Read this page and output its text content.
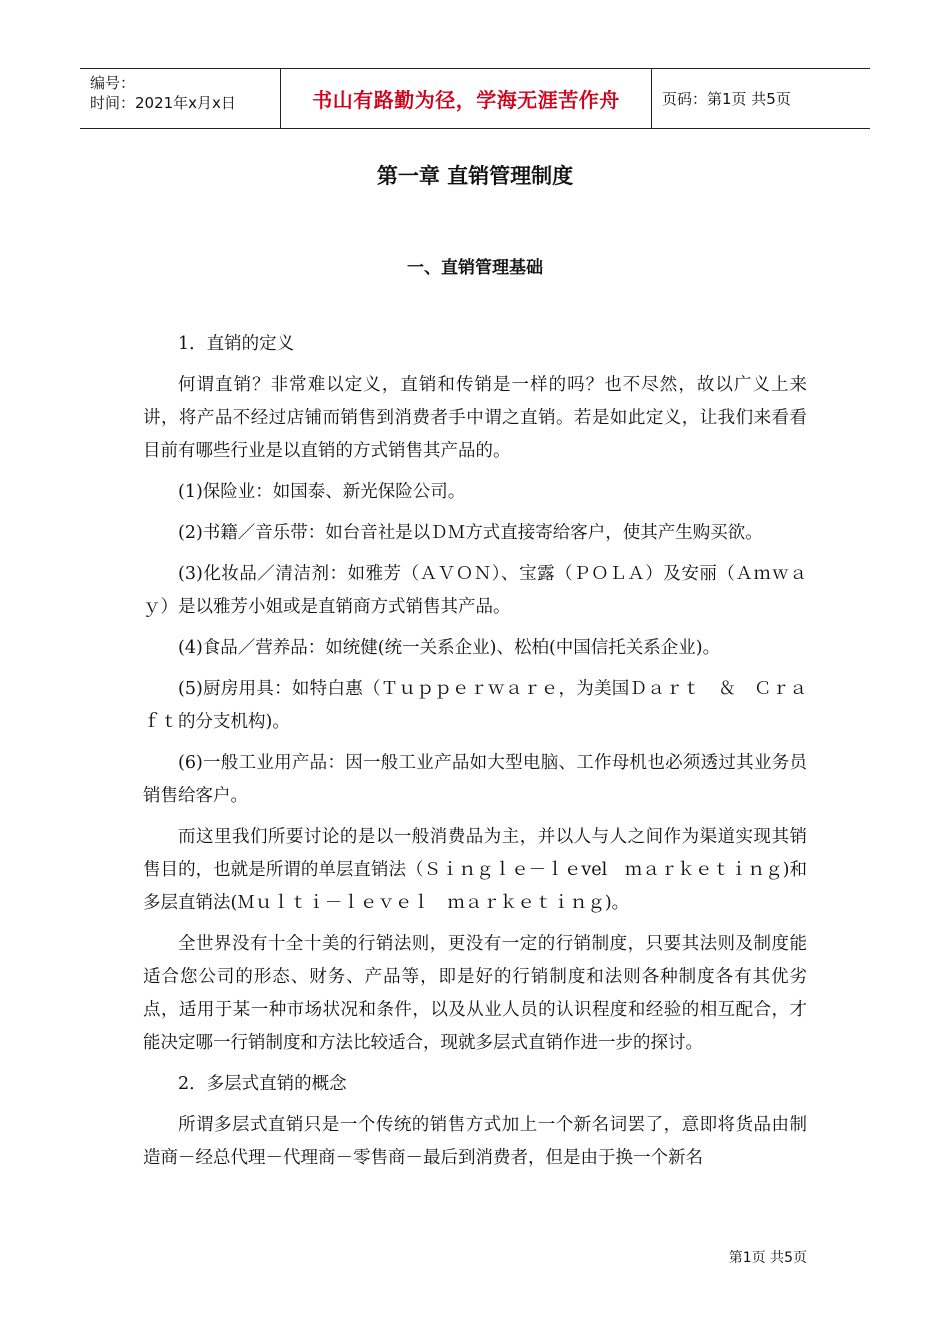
编号：
时间：2021年x月x日	书山有路勤为径，学海无涯苦作舟	页码：第1页 共5页
第一章 直销管理制度
一、直销管理基础

1．直销的定义

何谓直销？非常难以定义，直销和传销是一样的吗？也不尽然，故以广义上来讲，将产品不经过店铺而销售到消费者手中谓之直销。若是如此定义，让我们来看看目前有哪些行业是以直销的方式销售其产品的。

(1)保险业：如国泰、新光保险公司。

(2)书籍／音乐带：如台音社是以ＤＭ方式直接寄给客户，使其产生购买欲。

(3)化妆品／清洁剂：如雅芳（ＡＶＯＮ）、宝露（ＰＯＬＡ）及安丽（Ａｍｗａｙ）是以雅芳小姐或是直销商方式销售其产品。

(4)食品／营养品：如统健(统一关系企业)、松柏(中国信托关系企业)。

(5)厨房用具：如特白惠（Ｔｕｐｐｅｒｗａｒｅ，为美国Ｄａｒｔ　＆　Ｃｒａｆｔ的分支机构)。

(6)一般工业用产品：因一般工业产品如大型电脑、工作母机也必须透过其业务员销售给客户。

而这里我们所要讨论的是以一般消费品为主，并以人与人之间作为渠道实现其销售目的，也就是所谓的单层直销法（Ｓｉｎｇｌｅ－ｌｅvel　ｍａｒｋｅｔｉｎｇ)和多层直销法(Ｍｕｌｔｉ－ｌｅｖｅｌ　ｍａｒｋｅｔｉｎｇ)。

全世界没有十全十美的行销法则，更没有一定的行销制度，只要其法则及制度能适合您公司的形态、财务、产品等，即是好的行销制度和法则各种制度各有其优劣点，适用于某一种市场状况和条件，以及从业人员的认识程度和经验的相互配合，才能决定哪一行销制度和方法比较适合，现就多层式直销作进一步的探讨。

2．多层式直销的概念

所谓多层式直销只是一个传统的销售方式加上一个新名词罢了，意即将货品由制造商－经总代理－代理商－零售商－最后到消费者，但是由于换一个新名

第1页 共5页
